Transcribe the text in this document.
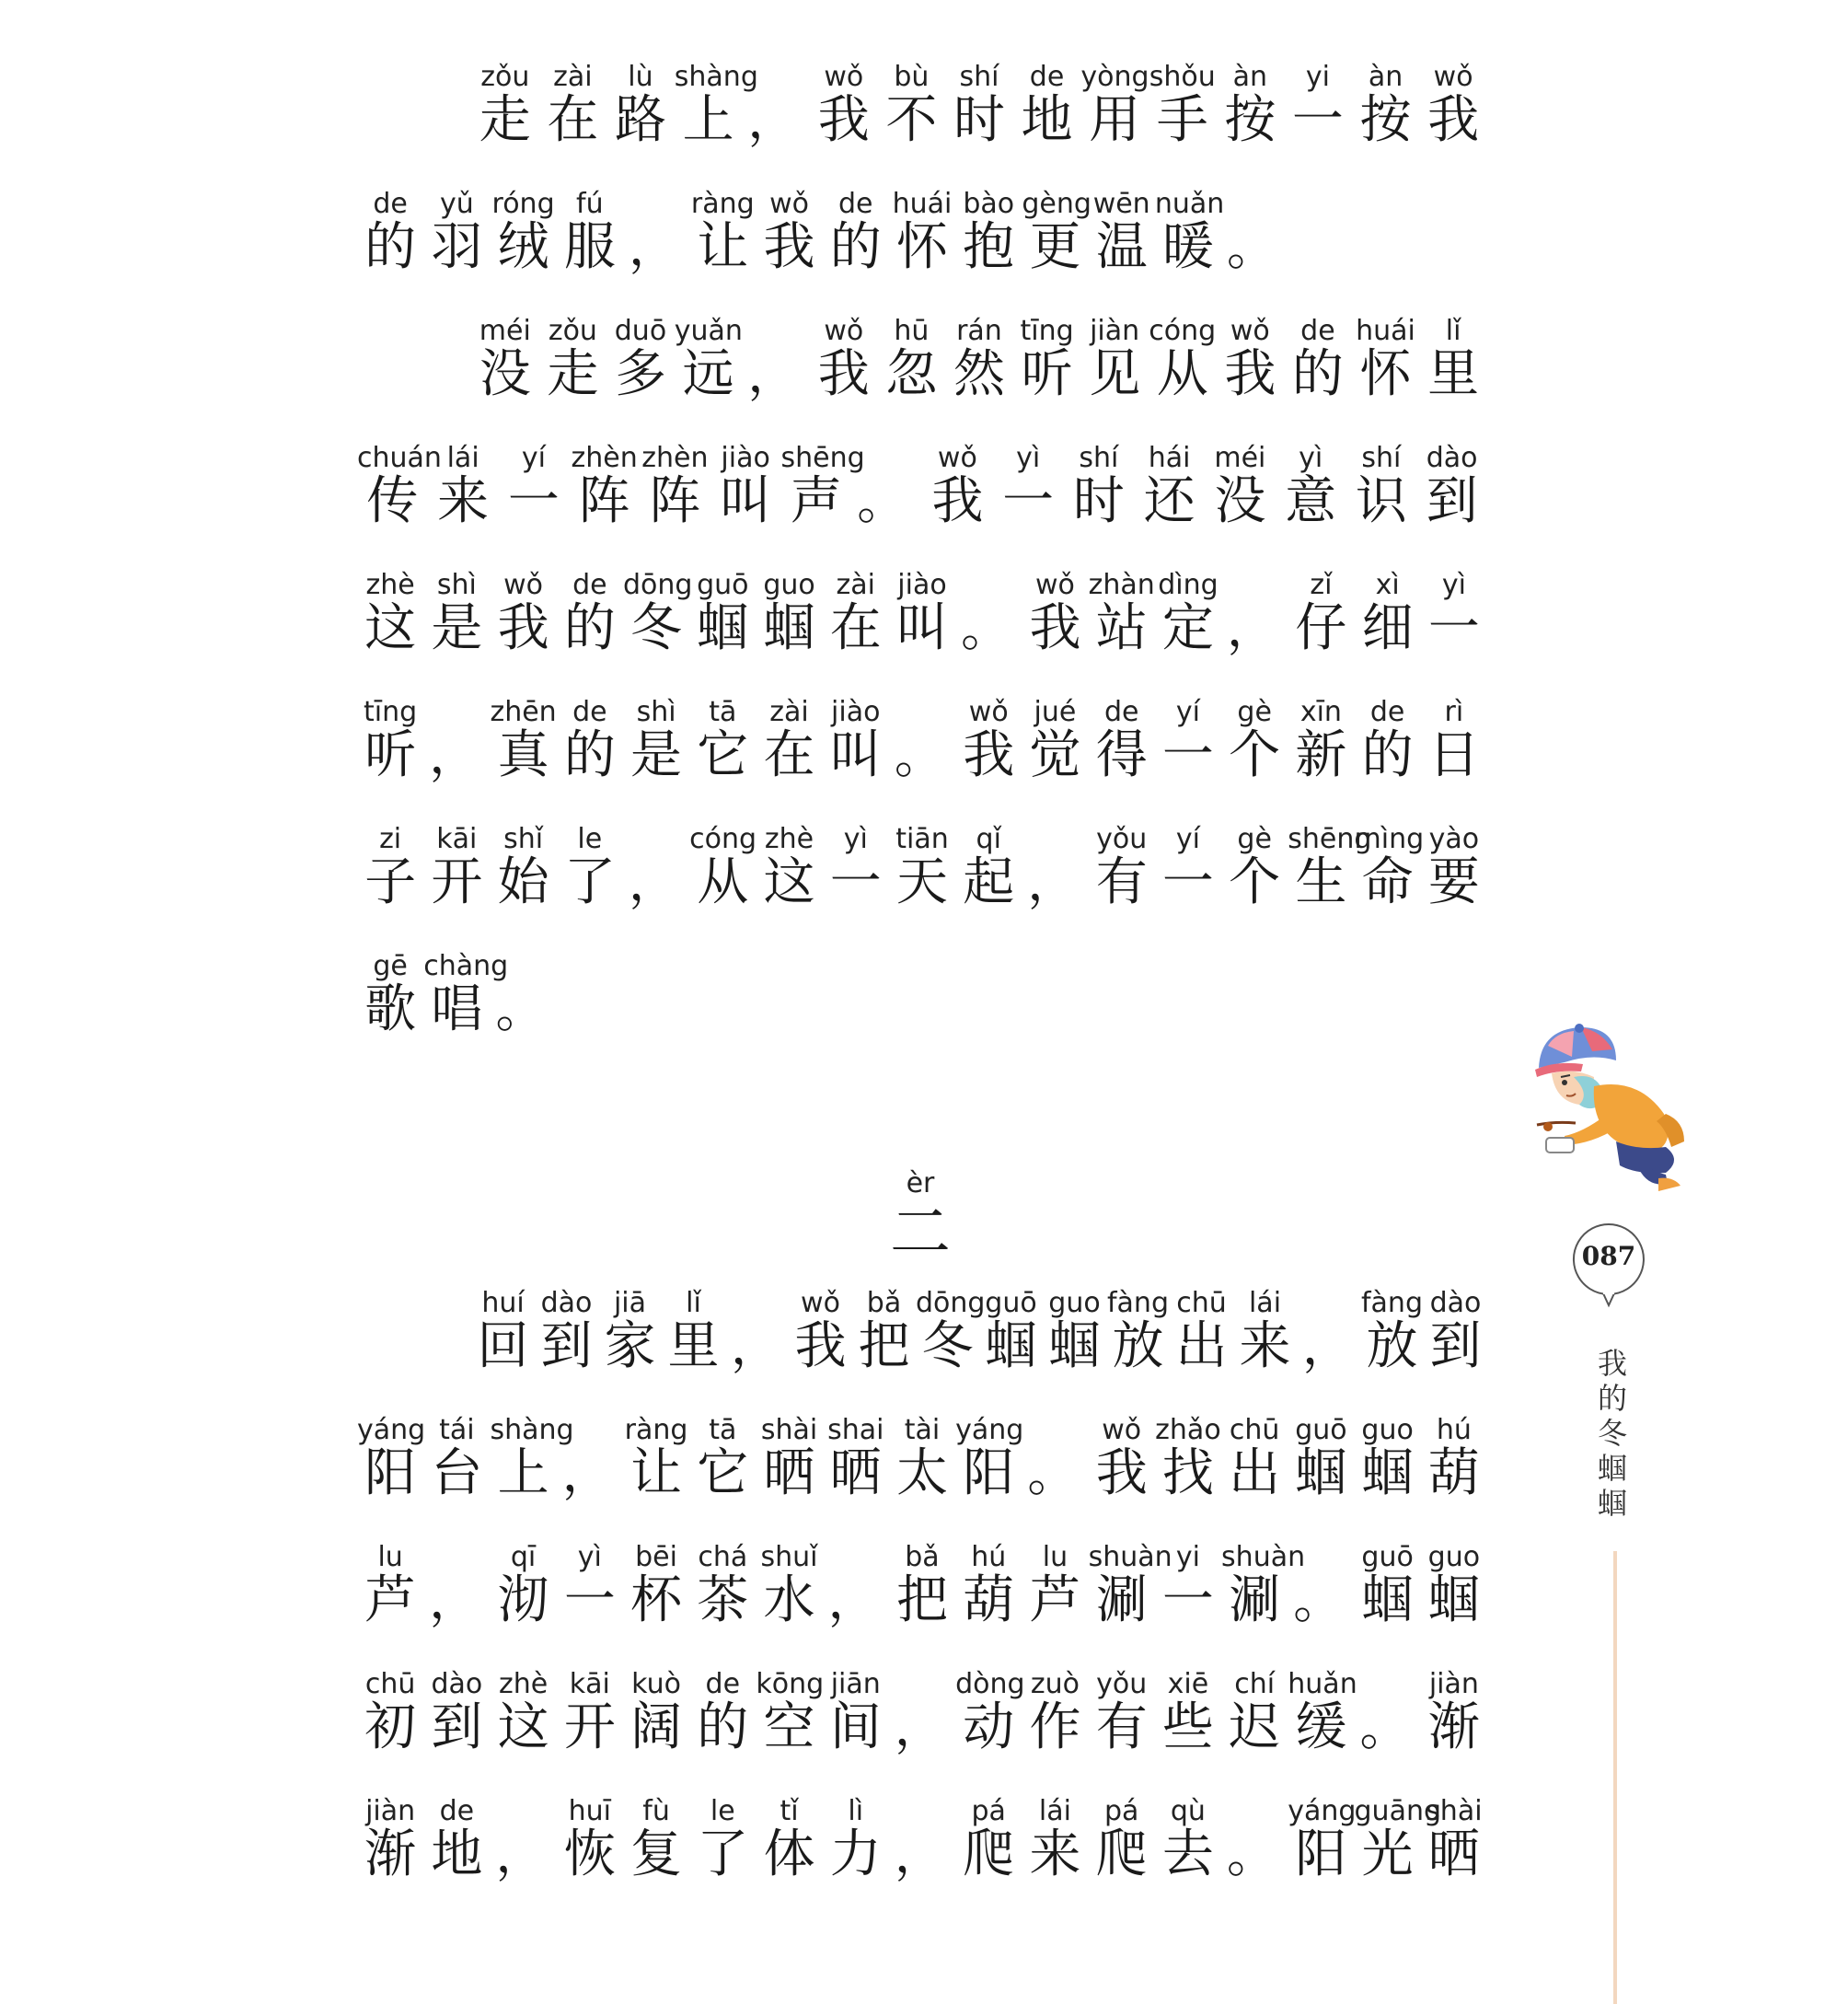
zǒu
走
zài
在
lù
路
shàng
上 ，
wǒ
我
bù
不
shí
时
de
地
yòng
用
shǒu
手
àn
按
yi
一
àn
按
wǒ
我
de
的
yǔ
羽
róng
绒
fú
服 ，
ràng
让
wǒ
我
de
的
huái
怀
bào
抱
gèng
更
wēn
温
nuǎn
暖 。
méi
没
zǒu
走
duō
多
yuǎn
远 ，
wǒ
我
hū
忽
rán
然
tīng
听
jiàn
见
cóng
从
wǒ
我
de
的
huái
怀
lǐ
里
chuán
传
lái
来
yí
一
zhèn
阵
zhèn
阵
jiào
叫
shēng
声 。
wǒ
我
yì
一
shí
时
hái
还
méi
没
yì
意
shí
识
dào
到
zhè
这
shì
是
wǒ
我
de
的
dōng
冬
guō
蝈
guo
蝈
zài
在
jiào
叫 。
wǒ
我
zhàn
站
dìng
定 ，
zǐ
仔
xì
细
yì
一
tīng
听 ，
zhēn
真
de
的
shì
是
tā
它
zài
在
jiào
叫 。
wǒ
我
jué
觉
de
得
yí
一
gè
个
xīn
新
de
的
rì
日
zi
子
kāi
开
shǐ
始
le
了 ，
cóng
从
zhè
这
yì
一
tiān
天
qǐ
起 ，
yǒu
有
yí
一
gè
个
shēng
生
mìng
命
yào
要
gē
歌
chàng
唱 。
huí
回
dào
到
jiā
家
lǐ
里 ，
wǒ
我
bǎ
把
dōng
冬
guō
蝈
guo
蝈
fàng
放
chū
出
lái
来 ，
fàng
放
dào
到
yáng
阳
tái
台
shàng
上 ，
ràng
让
tā
它
shài
晒
shai
晒
tài
太
yáng
阳 。
wǒ
我
zhǎo
找
chū
出
guō
蝈
guo
蝈
hú
葫
lu
芦 ，
qī
沏
yì
一
bēi
杯
chá
茶
shuǐ
水 ，
bǎ
把
hú
葫
lu
芦
shuàn
涮
yi
一
shuàn
涮 。
guō
蝈
guo
蝈
chū
初
dào
到
zhè
这
kāi
开
kuò
阔
de
的
kōng
空
jiān
间 ，
dòng
动
zuò
作
yǒu
有
xiē
些
chí
迟
huǎn
缓 。
jiàn
渐
jiàn
渐
de
地 ，
huī
恢
fù
复
le
了
tǐ
体
lì
力 ，
pá
爬
lái
来
pá
爬
qù
去 。
yáng
阳
guāng
光
shài
晒
èr
二	087
我的冬蝈蝈
